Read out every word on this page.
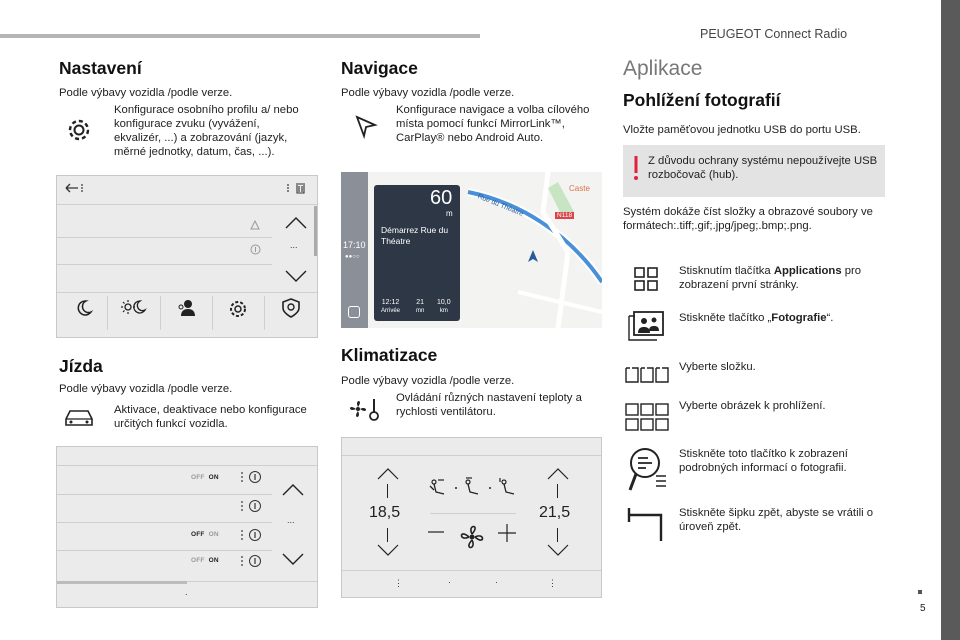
PEUGEOT Connect Radio
5
Nastavení
Podle výbavy vozidla /podle verze.
Konfigurace osobního profilu a/ nebo konfigurace zvuku (vyvážení, ekvalizér, ...) a zobrazování (jazyk, měrné jednotky, datum, čas, ...).
...
Jízda
Podle výbavy vozidla /podle verze.
Aktivace, deaktivace nebo konfigurace určitých funkcí vozidla.
OFF ON
OFF ON
OFF ON
...
.
Navigace
Podle výbavy vozidla /podle verze.
Konfigurace navigace a volba cílového místa pomocí funkcí MirrorLink™, CarPlay® nebo Android Auto.
17:10
●●○○
Caste
N118
Rue du Théatre
60
m
Démarrez Rue du Théatre
12:12
Arrivée
21
mn
10,0
km
Klimatizace
Podle výbavy vozidla /podle verze.
Ovládání různých nastavení teploty a rychlosti ventilátoru.
18,5	21,5
⋮	·	·	⋮
Aplikace
Pohlížení fotografií
Vložte paměťovou jednotku USB do portu USB.
Z důvodu ochrany systému nepoužívejte USB rozbočovač (hub).
Systém dokáže číst složky a obrazové soubory ve formátech:.tiff;.gif;.jpg/jpeg;.bmp;.png.
Stisknutím tlačítka Applications pro zobrazení první stránky.
Stiskněte tlačítko „Fotografie“.
Vyberte složku.
Vyberte obrázek k prohlížení.
Stiskněte toto tlačítko k zobrazení podrobných informací o fotografii.
Stiskněte šipku zpět, abyste se vrátili o úroveň zpět.
